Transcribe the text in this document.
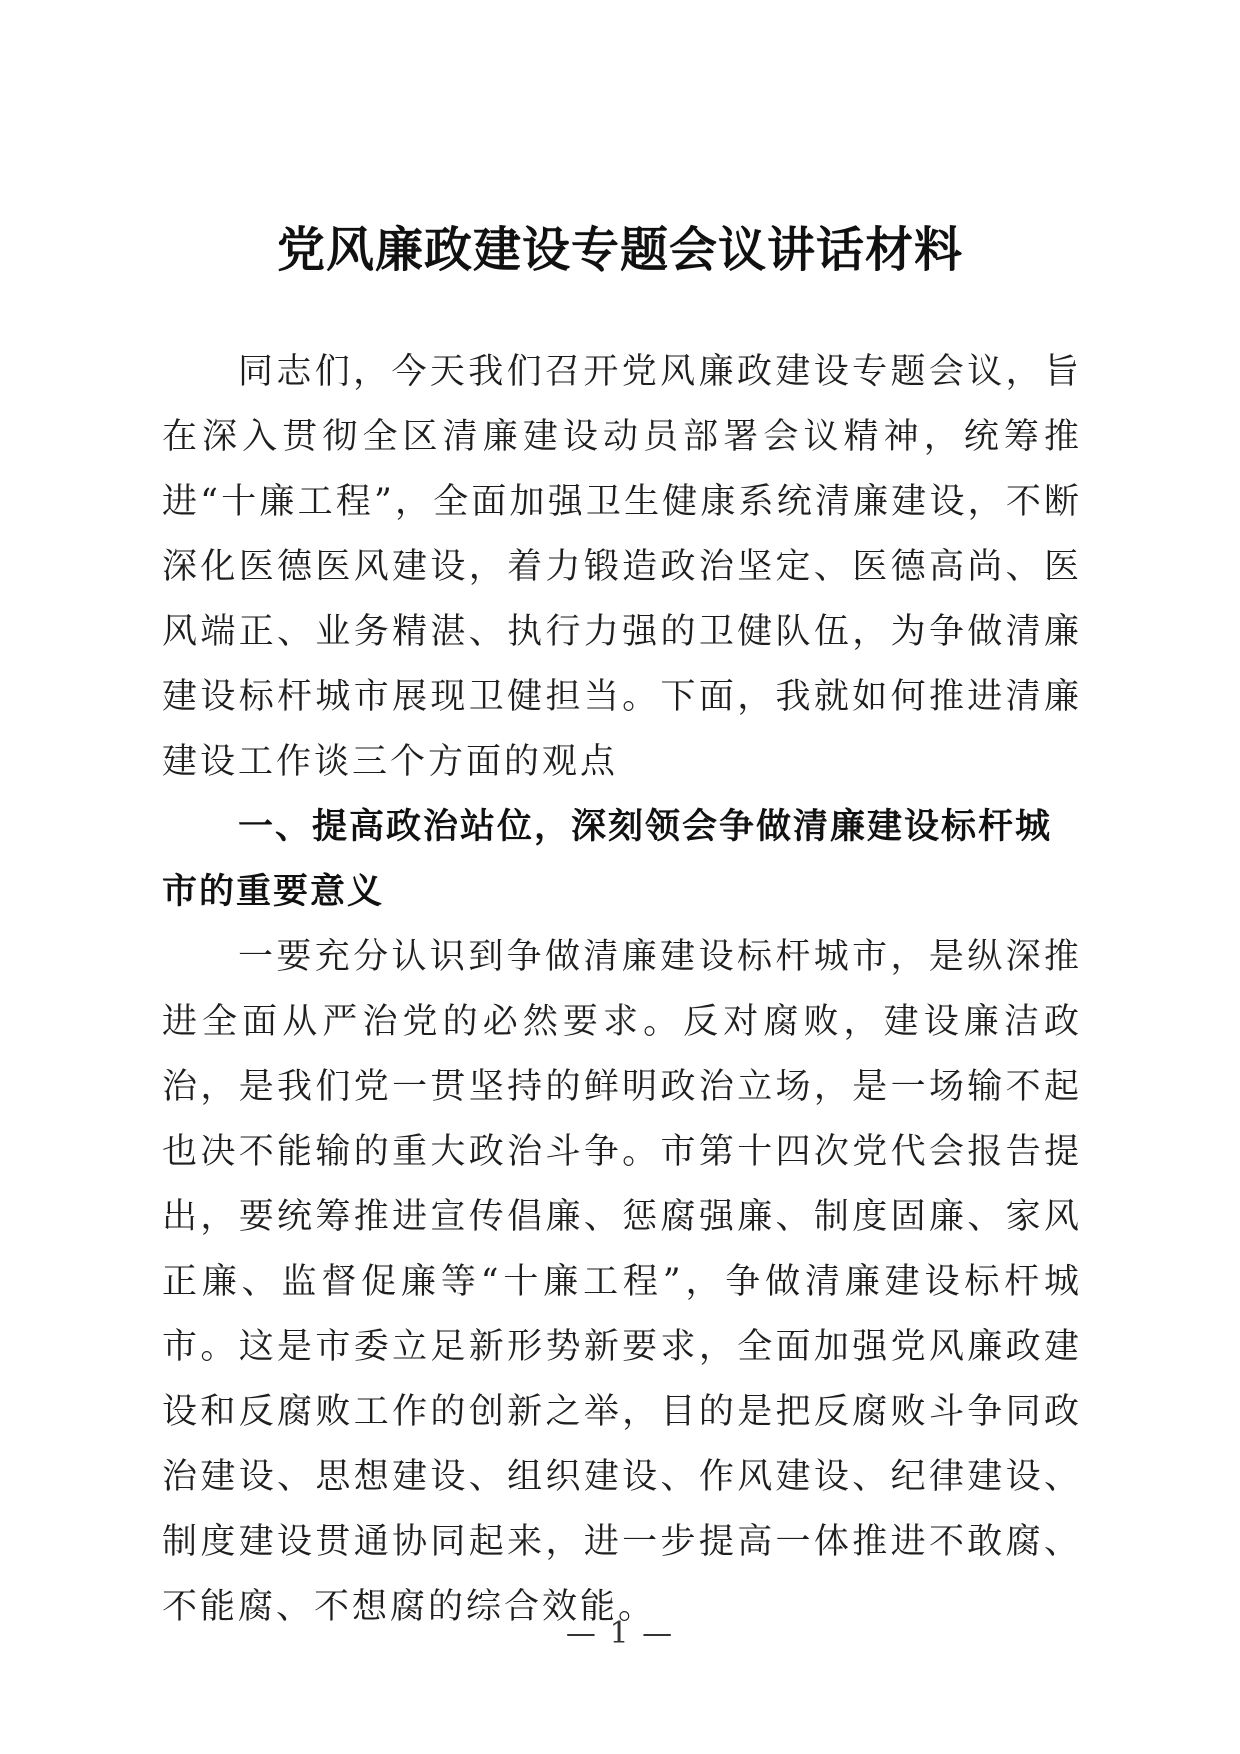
党风廉政建设专题会议讲话材料

同志们，今天我们召开党风廉政建设专题会议，旨在深入贯彻全区清廉建设动员部署会议精神，统筹推进“十廉工程”，全面加强卫生健康系统清廉建设，不断深化医德医风建设，着力锻造政治坚定、医德高尚、医风端正、业务精湛、执行力强的卫健队伍，为争做清廉建设标杆城市展现卫健担当。下面，我就如何推进清廉建设工作谈三个方面的观点

一、提高政治站位，深刻领会争做清廉建设标杆城市的重要意义

一要充分认识到争做清廉建设标杆城市，是纵深推进全面从严治党的必然要求。反对腐败，建设廉洁政治，是我们党一贯坚持的鲜明政治立场，是一场输不起也决不能输的重大政治斗争。市第十四次党代会报告提出，要统筹推进宣传倡廉、惩腐强廉、制度固廉、家风正廉、监督促廉等“十廉工程”，争做清廉建设标杆城市。这是市委立足新形势新要求，全面加强党风廉政建设和反腐败工作的创新之举，目的是把反腐败斗争同政治建设、思想建设、组织建设、作风建设、纪律建设、制度建设贯通协同起来，进一步提高一体推进不敢腐、不能腐、不想腐的综合效能。

— 1 —
